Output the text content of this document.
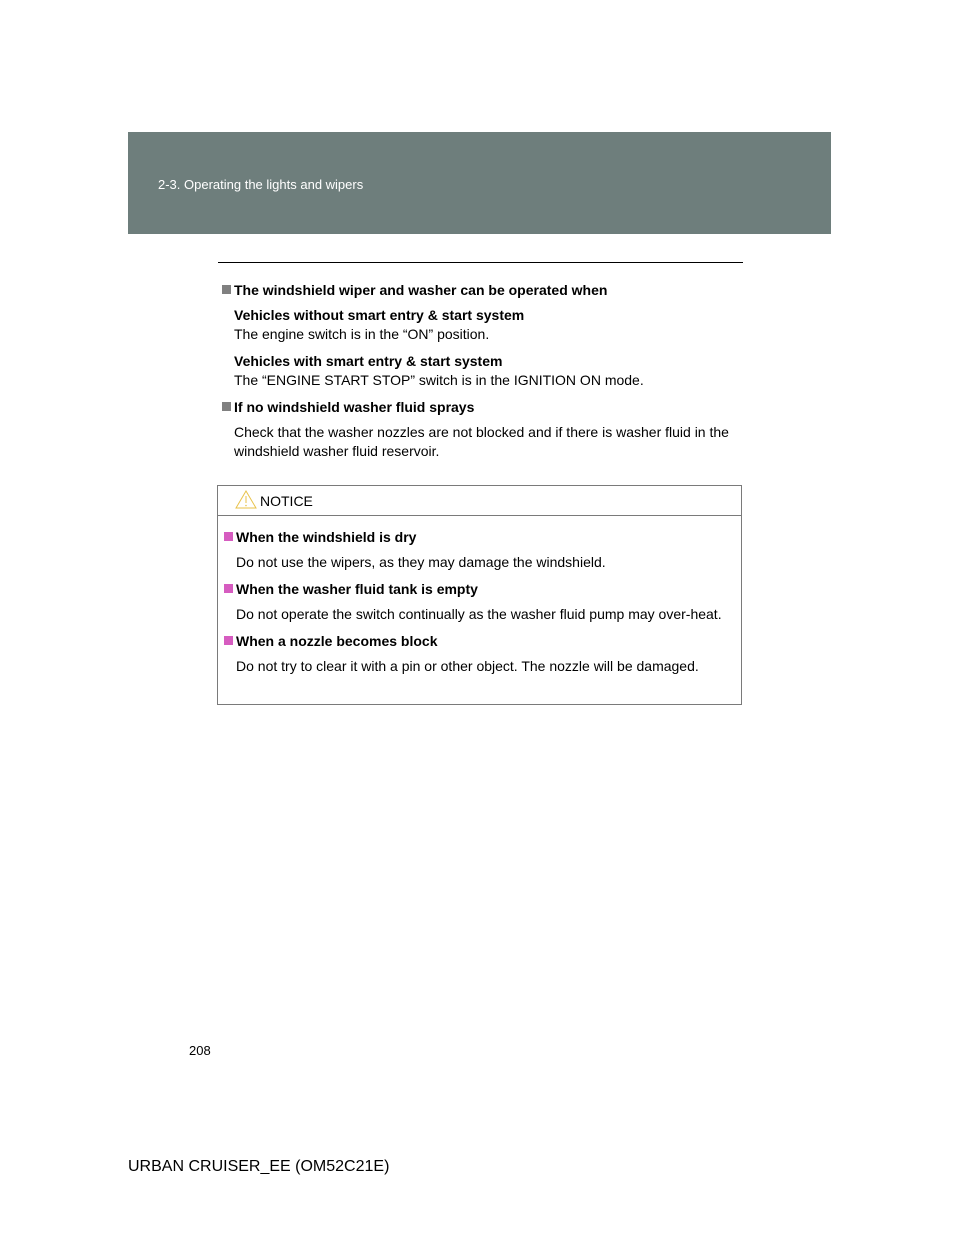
2-3. Operating the lights and wipers
The windshield wiper and washer can be operated when
Vehicles without smart entry & start system
The engine switch is in the “ON” position.
Vehicles with smart entry & start system
The “ENGINE START STOP” switch is in the IGNITION ON mode.
If no windshield washer fluid sprays
Check that the washer nozzles are not blocked and if there is washer fluid in the windshield washer fluid reservoir.
NOTICE
When the windshield is dry
Do not use the wipers, as they may damage the windshield.
When the washer fluid tank is empty
Do not operate the switch continually as the washer fluid pump may over-heat.
When a nozzle becomes block
Do not try to clear it with a pin or other object. The nozzle will be damaged.
208
URBAN CRUISER_EE (OM52C21E)
